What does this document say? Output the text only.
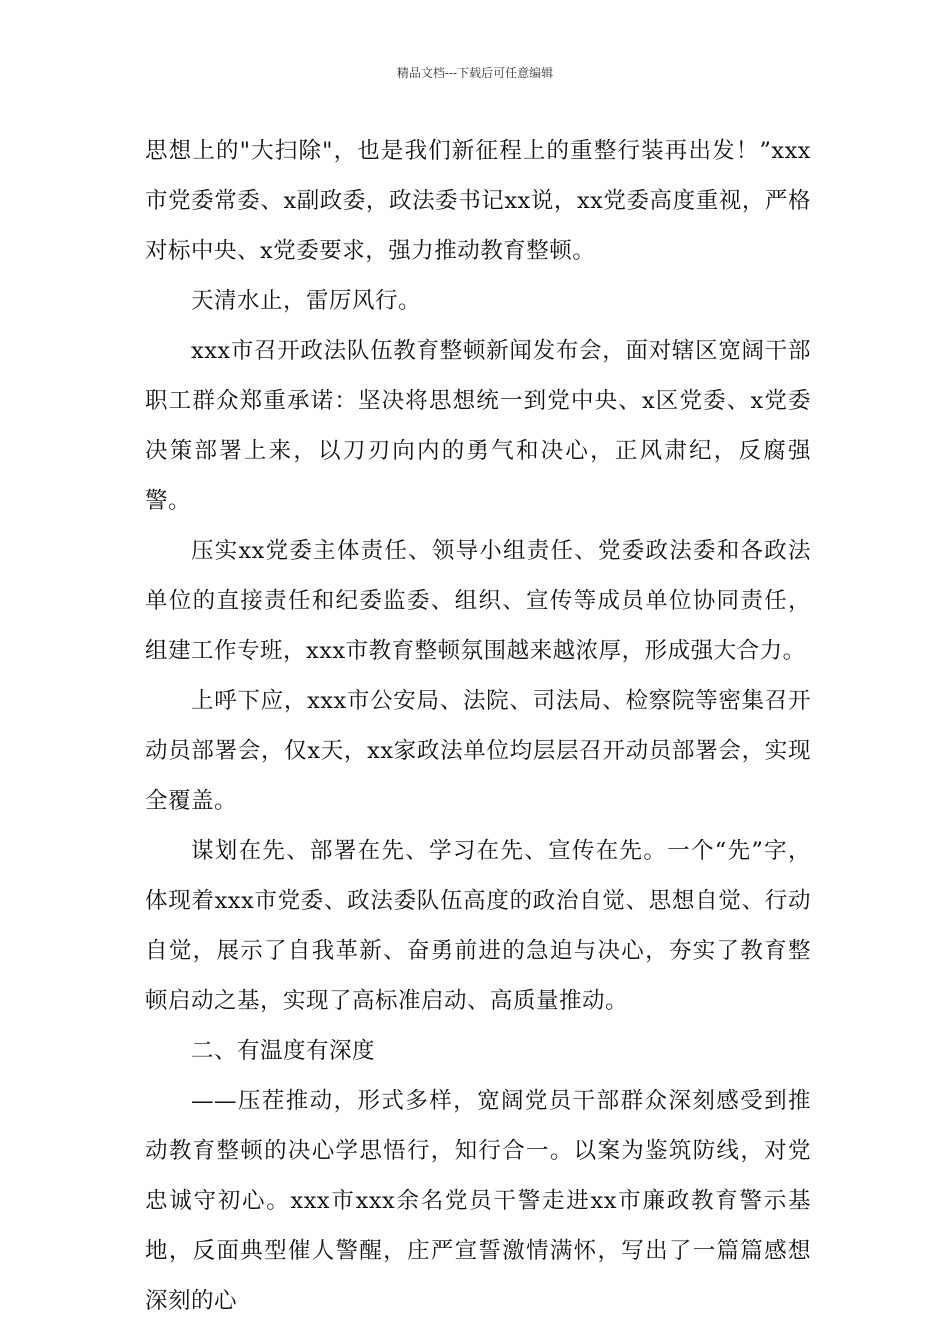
精品文档---下载后可任意编辑

思想上的"大扫除"，也是我们新征程上的重整行装再出发！”xxx市党委常委、x副政委，政法委书记xx说，xx党委高度重视，严格对标中央、x党委要求，强力推动教育整顿。

天清水止，雷厉风行。

xxx市召开政法队伍教育整顿新闻发布会，面对辖区宽阔干部职工群众郑重承诺：坚决将思想统一到党中央、x区党委、x党委决策部署上来，以刀刃向内的勇气和决心，正风肃纪，反腐强警。

压实xx党委主体责任、领导小组责任、党委政法委和各政法单位的直接责任和纪委监委、组织、宣传等成员单位协同责任，组建工作专班，xxx市教育整顿氛围越来越浓厚，形成强大合力。

上呼下应，xxx市公安局、法院、司法局、检察院等密集召开动员部署会，仅x天，xx家政法单位均层层召开动员部署会，实现全覆盖。

谋划在先、部署在先、学习在先、宣传在先。一个“先”字，体现着xxx市党委、政法委队伍高度的政治自觉、思想自觉、行动自觉，展示了自我革新、奋勇前进的急迫与决心，夯实了教育整顿启动之基，实现了高标准启动、高质量推动。

二、有温度有深度

——压茬推动，形式多样，宽阔党员干部群众深刻感受到推动教育整顿的决心学思悟行，知行合一。以案为鉴筑防线，对党忠诚守初心。xxx市xxx余名党员干警走进xx市廉政教育警示基地，反面典型催人警醒，庄严宣誓激情满怀，写出了一篇篇感想深刻的心
